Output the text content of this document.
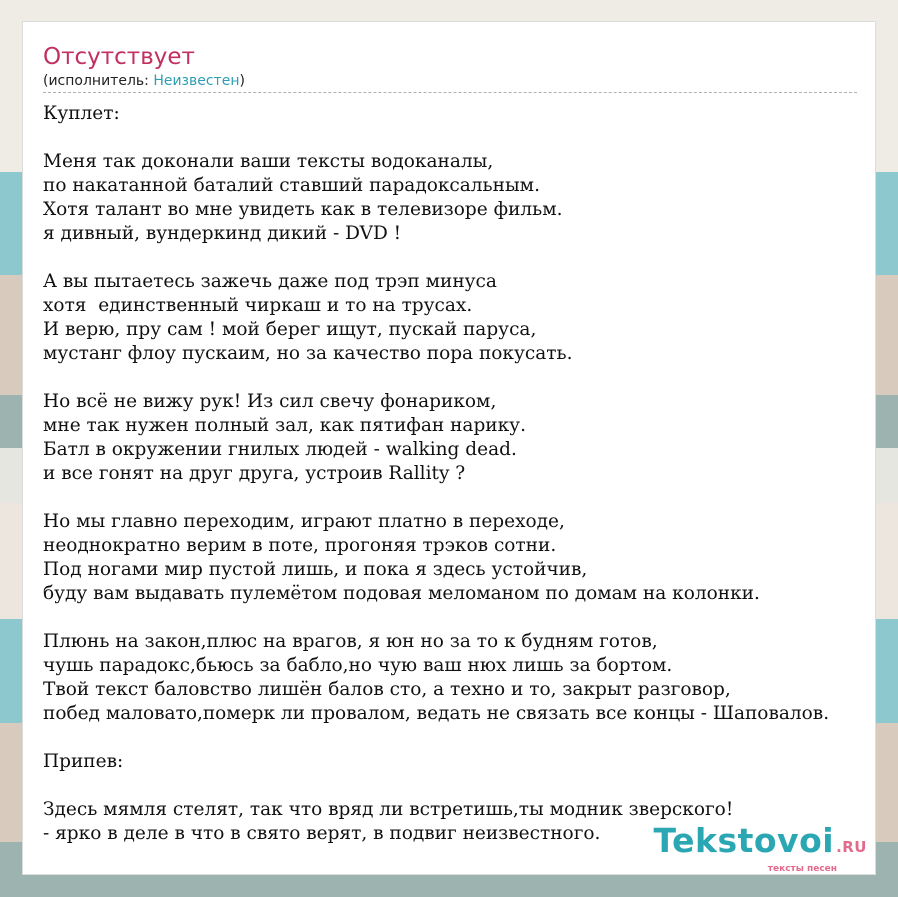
Отсутствует
(исполнитель: Неизвестен)
Куплет:

Меня так доконали ваши тексты водоканалы,
по накатанной баталий ставший парадоксальным.
Хотя талант во мне увидеть как в телевизоре фильм.
я дивный, вундеркинд дикий - DVD !

А вы пытаетесь зажечь даже под трэп минуса
хотя  единственный чиркаш и то на трусах.
И верю, пру сам ! мой берег ищут, пускай паруса,
мустанг флоу пускаим, но за качество пора покусать.

Но всё не вижу рук! Из сил свечу фонариком,
мне так нужен полный зал, как пятифан нарику.
Батл в окружении гнилых людей - walking dead.
и все гонят на друг друга, устроив Rallity ?

Но мы главно переходим, играют платно в переходе,
неоднократно верим в поте, прогоняя трэков сотни.
Под ногами мир пустой лишь, и пока я здесь устойчив,
буду вам выдавать пулемётом подовая меломаном по домам на колонки.

Плюнь на закон,плюс на врагов, я юн но за то к будням готов,
чушь парадокс,бьюсь за бабло,но чую ваш нюх лишь за бортом.
Твой текст баловство лишён балов сто, а техно и то, закрыт разговор,
побед маловато,померк ли провалом, ведать не связать все концы - Шаповалов.

Припев:

Здесь мямля стелят, так что вряд ли встретишь,ты модник зверского!
- ярко в деле в что в свято верят, в подвиг неизвестного.	Tekstovoi .RU
тексты песен
